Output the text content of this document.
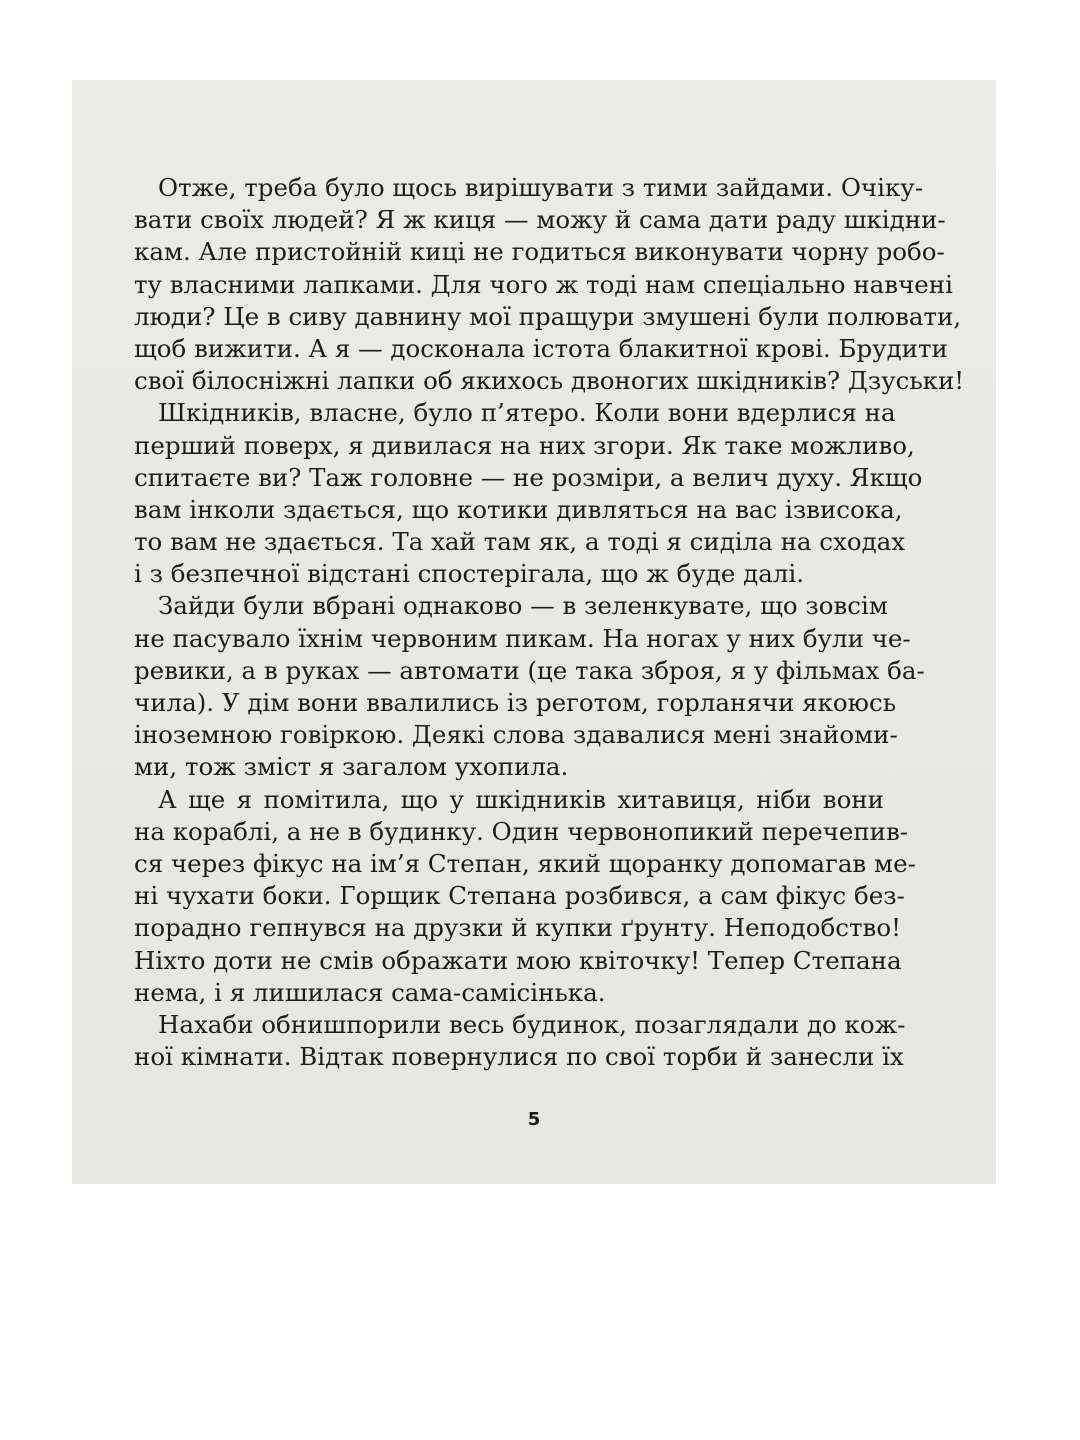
Отже, треба було щось вирішувати з тими зайдами. Очіку-
вати своїх людей? Я ж киця — можу й сама дати раду шкідни-
кам. Але пристойній киці не годиться виконувати чорну робо-
ту власними лапками. Для чого ж тоді нам спеціально навчені
люди? Це в сиву давнину мої пращури змушені були полювати,
щоб вижити. А я — досконала істота блакитної крові. Брудити
свої білосніжні лапки об якихось двоногих шкідників? Дзуськи!
Шкідників, власне, було п’ятеро. Коли вони вдерлися на
перший поверх, я дивилася на них згори. Як таке можливо,
спитаєте ви? Таж головне — не розміри, а велич духу. Якщо
вам інколи здається, що котики дивляться на вас ізвисока,
то вам не здається. Та хай там як, а тоді я сиділа на сходах
і з безпечної відстані спостерігала, що ж буде далі.
Зайди були вбрані однаково — в зеленкувате, що зовсім
не пасувало їхнім червоним пикам. На ногах у них були че-
ревики, а в руках — автомати (це така зброя, я у фільмах ба-
чила). У дім вони ввалились із реготом, горланячи якоюсь
іноземною говіркою. Деякі слова здавалися мені знайоми-
ми, тож зміст я загалом ухопила.
А ще я помітила, що у шкідників хитавиця, ніби вони
на кораблі, а не в будинку. Один червонопикий перечепив-
ся через фікус на ім’я Степан, який щоранку допомагав ме-
ні чухати боки. Горщик Степана розбився, а сам фікус без-
порадно гепнувся на друзки й купки ґрунту. Неподобство!
Ніхто доти не смів ображати мою квіточку! Тепер Степана
нема, і я лишилася сама-самісінька.
Нахаби обнишпорили весь будинок, позаглядали до кож-
ної кімнати. Відтак повернулися по свої торби й занесли їх
5
